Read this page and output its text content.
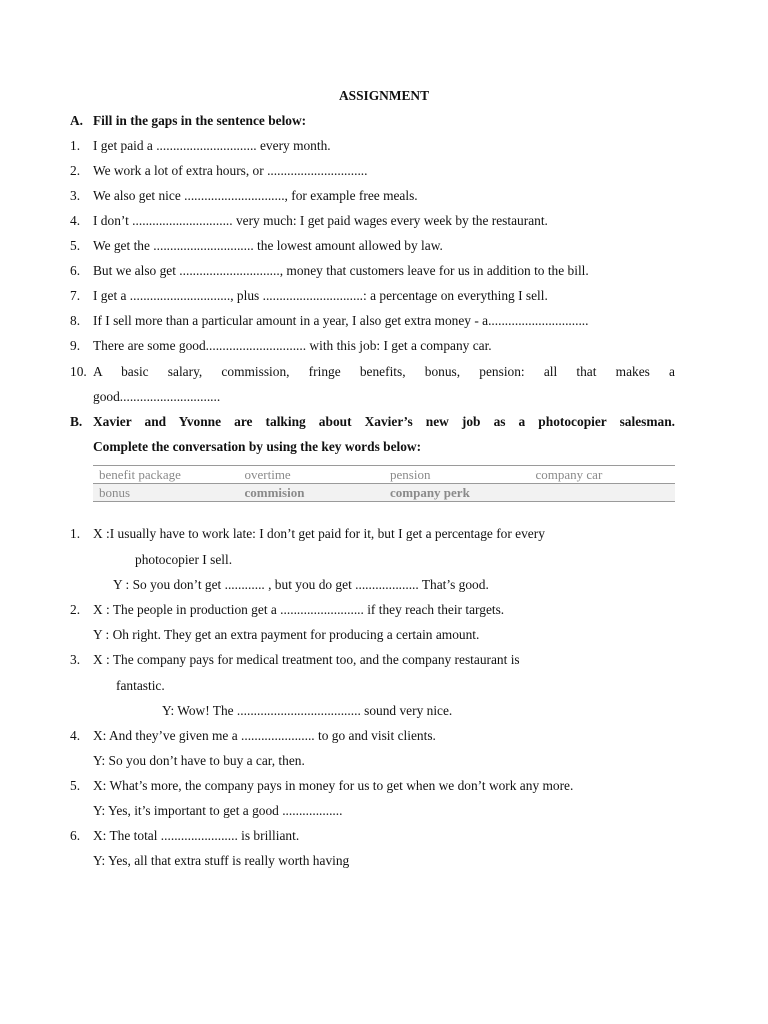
ASSIGNMENT
A. Fill in the gaps in the sentence below:
1. I get paid a .............................. every month.
2. We work a lot of extra hours, or ..............................
3. We also get nice .............................., for example free meals.
4. I don’t .............................. very much: I get paid wages every week by the restaurant.
5. We get the .............................. the lowest amount allowed by law.
6. But we also get .............................., money that customers leave for us in addition to the bill.
7. I get a .............................., plus ..............................: a percentage on everything I sell.
8. If I sell more than a particular amount in a year, I also get extra money - a..............................
9. There are some good.............................. with this job: I get a company car.
10. A basic salary, commission, fringe benefits, bonus, pension: all that makes a
good..............................
B. Xavier and Yvonne are talking about Xavier’s new job as a photocopier salesman.
Complete the conversation by using the key words below:
benefit package	overtime	pension	company car
bonus	commision	company perk	
1. X :I usually have to work late: I don’t get paid for it, but I get a percentage for every
photocopier I sell.
Y : So you don’t get ............ , but you do get ................... That’s good.
2. X : The people in production get a ......................... if they reach their targets.
Y : Oh right. They get an extra payment for producing a certain amount.
3. X : The company pays for medical treatment too, and the company restaurant is
fantastic.
Y: Wow! The ..................................... sound very nice.
4. X: And they’ve given me a ...................... to go and visit clients.
Y: So you don’t have to buy a car, then.
5. X: What’s more, the company pays in money for us to get when we don’t work any more.
Y: Yes, it’s important to get a good ..................
6. X: The total ....................... is brilliant.
Y: Yes, all that extra stuff is really worth having
